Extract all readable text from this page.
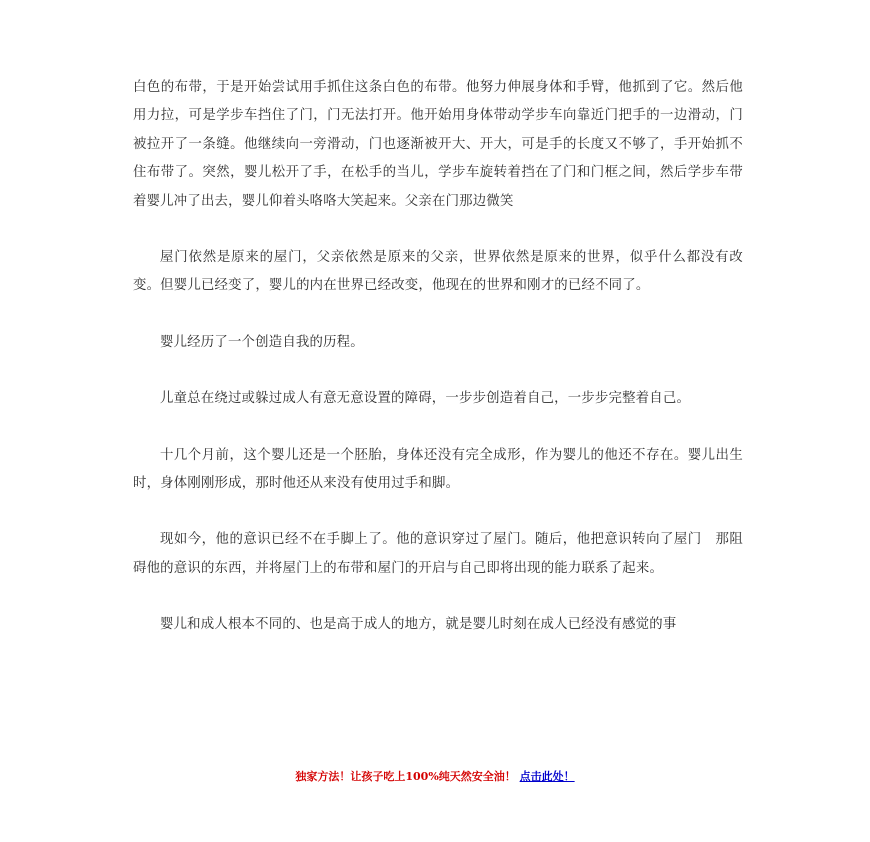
白色的布带，于是开始尝试用手抓住这条白色的布带。他努力伸展身体和手臂，他抓到了它。然后他用力拉，可是学步车挡住了门，门无法打开。他开始用身体带动学步车向靠近门把手的一边滑动，门被拉开了一条缝。他继续向一旁滑动，门也逐渐被开大、开大，可是手的长度又不够了，手开始抓不住布带了。突然，婴儿松开了手，在松手的当儿，学步车旋转着挡在了门和门框之间，然后学步车带着婴儿冲了出去，婴儿仰着头咯咯大笑起来。父亲在门那边微笑

屋门依然是原来的屋门，父亲依然是原来的父亲，世界依然是原来的世界，似乎什么都没有改变。但婴儿已经变了，婴儿的内在世界已经改变，他现在的世界和刚才的已经不同了。

婴儿经历了一个创造自我的历程。

儿童总在绕过或躲过成人有意无意设置的障碍，一步步创造着自己，一步步完整着自己。

十几个月前，这个婴儿还是一个胚胎，身体还没有完全成形，作为婴儿的他还不存在。婴儿出生时，身体刚刚形成，那时他还从来没有使用过手和脚。

现如今，他的意识已经不在手脚上了。他的意识穿过了屋门。随后，他把意识转向了屋门　那阻碍他的意识的东西，并将屋门上的布带和屋门的开启与自己即将出现的能力联系了起来。

婴儿和成人根本不同的、也是高于成人的地方，就是婴儿时刻在成人已经没有感觉的事

独家方法！让孩子吃上100%纯天然安全油！ 点击此处！
